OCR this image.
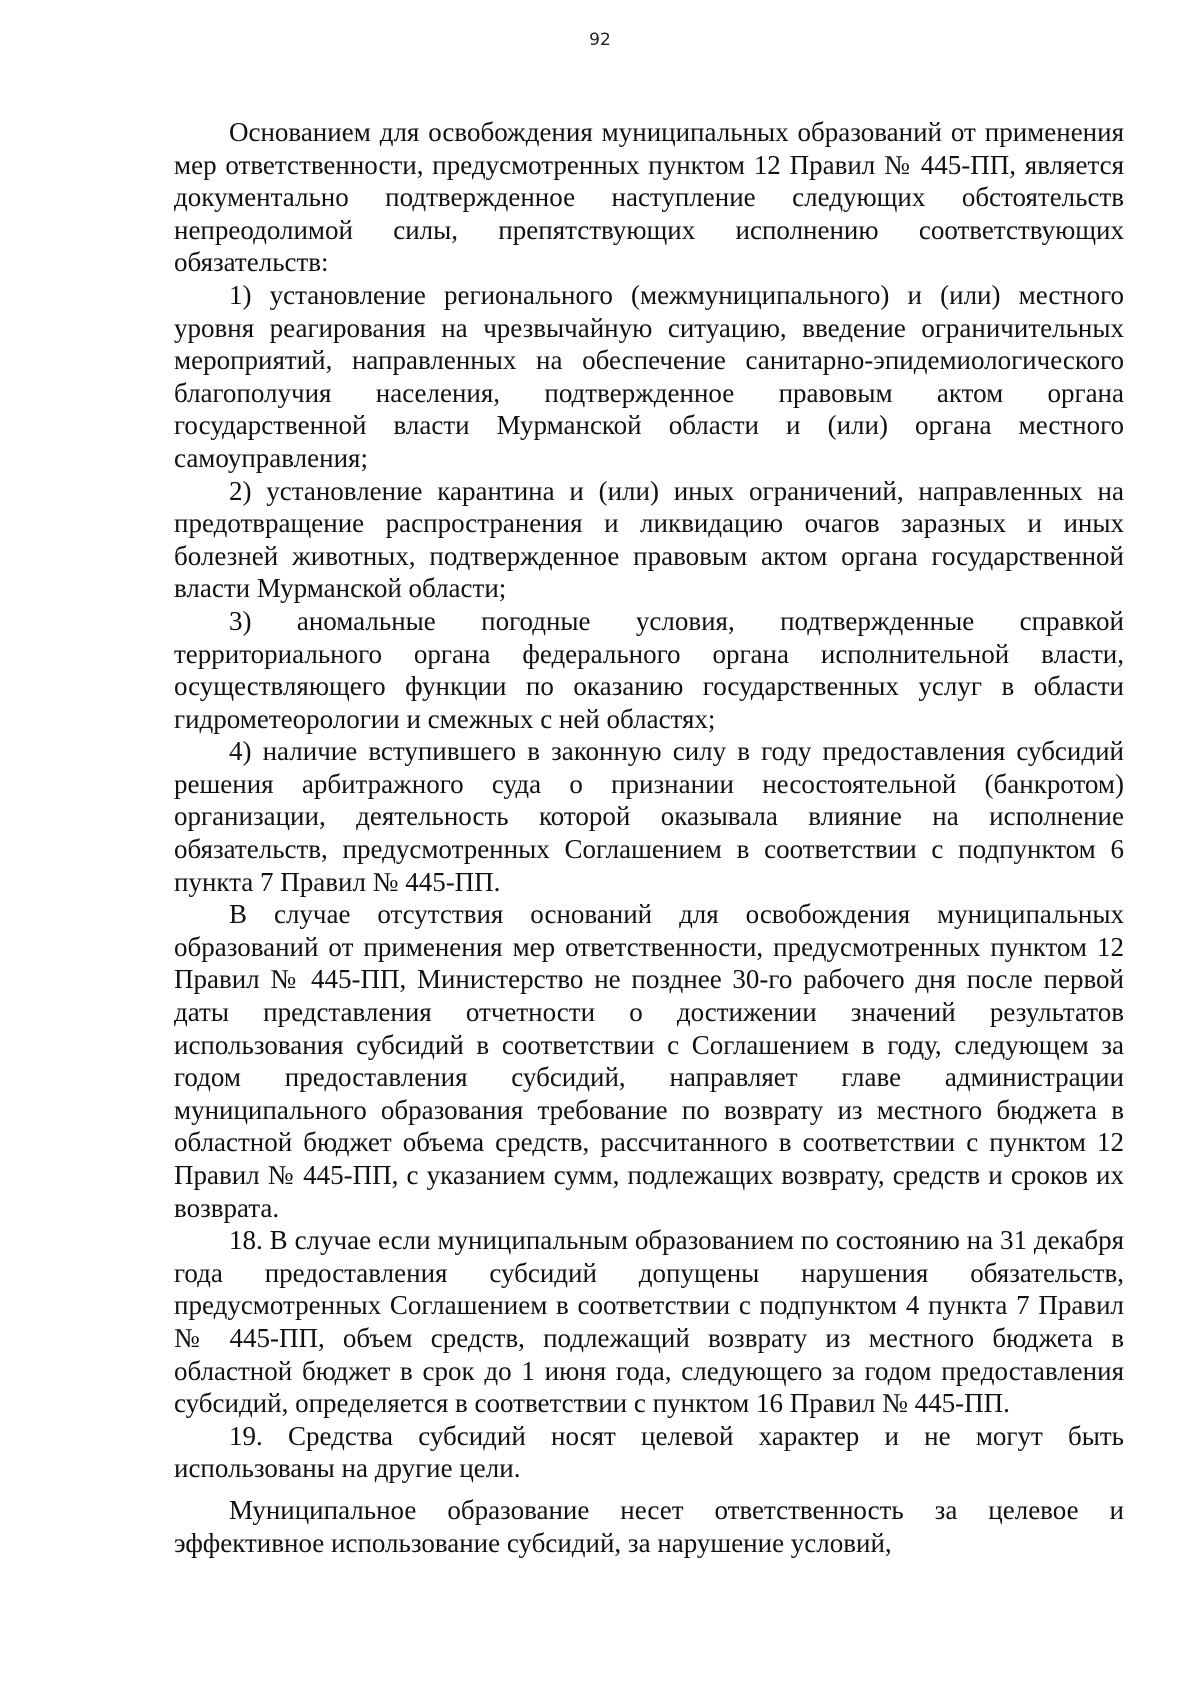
92

Основанием для освобождения муниципальных образований от применения мер ответственности, предусмотренных пунктом 12 Правил № 445-ПП, является документально подтвержденное наступление следующих обстоятельств непреодолимой силы, препятствующих исполнению соответствующих обязательств:

1) установление регионального (межмуниципального) и (или) местного уровня реагирования на чрезвычайную ситуацию, введение ограничительных мероприятий, направленных на обеспечение санитарно-эпидемиологического благополучия населения, подтвержденное правовым актом органа государственной власти Мурманской области и (или) органа местного самоуправления;

2) установление карантина и (или) иных ограничений, направленных на предотвращение распространения и ликвидацию очагов заразных и иных болезней животных, подтвержденное правовым актом органа государственной власти Мурманской области;

3) аномальные погодные условия, подтвержденные справкой территориального органа федерального органа исполнительной власти, осуществляющего функции по оказанию государственных услуг в области гидрометеорологии и смежных с ней областях;

4) наличие вступившего в законную силу в году предоставления субсидий решения арбитражного суда о признании несостоятельной (банкротом) организации, деятельность которой оказывала влияние на исполнение обязательств, предусмотренных Соглашением в соответствии с подпунктом 6 пункта 7 Правил № 445-ПП.

В случае отсутствия оснований для освобождения муниципальных образований от применения мер ответственности, предусмотренных пунктом 12 Правил № 445-ПП, Министерство не позднее 30-го рабочего дня после первой даты представления отчетности о достижении значений результатов использования субсидий в соответствии с Соглашением в году, следующем за годом предоставления субсидий, направляет главе администрации муниципального образования требование по возврату из местного бюджета в областной бюджет объема средств, рассчитанного в соответствии с пунктом 12 Правил № 445-ПП, с указанием сумм, подлежащих возврату, средств и сроков их возврата.

18. В случае если муниципальным образованием по состоянию на 31 декабря года предоставления субсидий допущены нарушения обязательств, предусмотренных Соглашением в соответствии с подпунктом 4 пункта 7 Правил № 445-ПП, объем средств, подлежащий возврату из местного бюджета в областной бюджет в срок до 1 июня года, следующего за годом предоставления субсидий, определяется в соответствии с пунктом 16 Правил № 445-ПП.

19. Средства субсидий носят целевой характер и не могут быть использованы на другие цели.

Муниципальное образование несет ответственность за целевое и эффективное использование субсидий, за нарушение условий,
